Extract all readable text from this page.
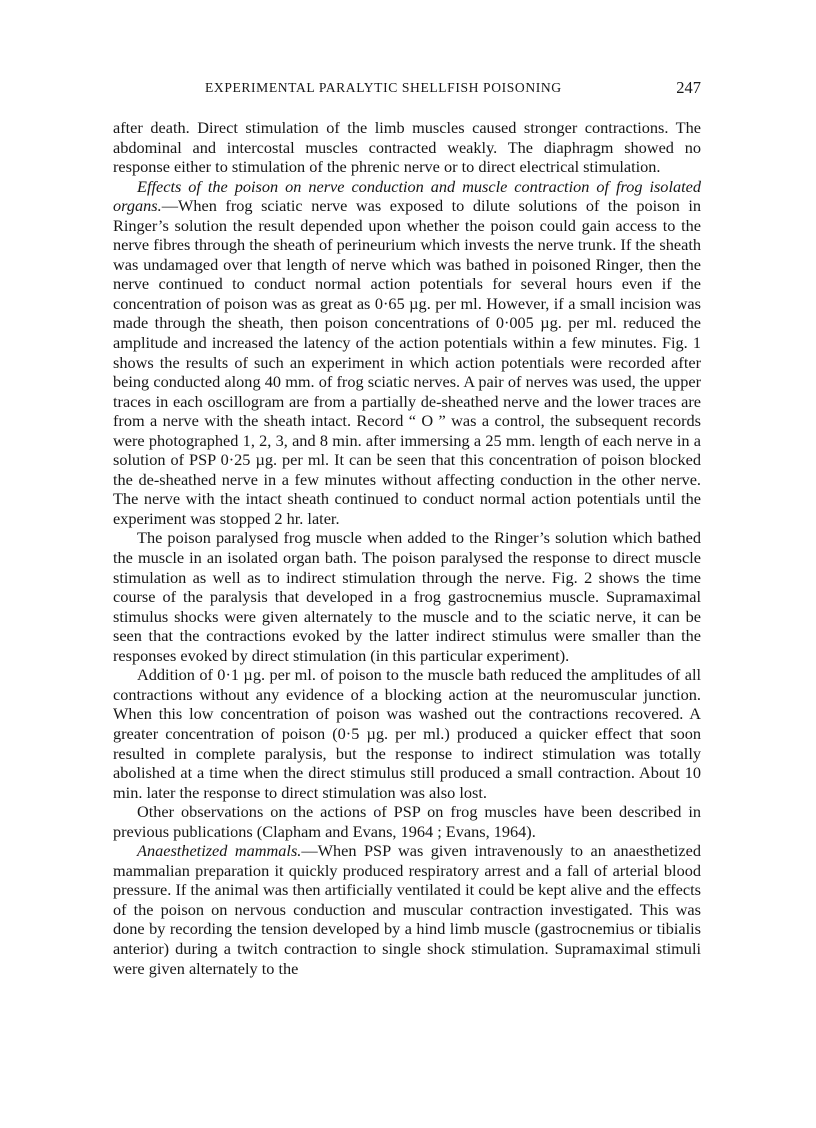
EXPERIMENTAL PARALYTIC SHELLFISH POISONING	247

after death. Direct stimulation of the limb muscles caused stronger contractions. The abdominal and intercostal muscles contracted weakly. The diaphragm showed no response either to stimulation of the phrenic nerve or to direct electrical stimulation.

Effects of the poison on nerve conduction and muscle contraction of frog isolated organs.—When frog sciatic nerve was exposed to dilute solutions of the poison in Ringer’s solution the result depended upon whether the poison could gain access to the nerve fibres through the sheath of perineurium which invests the nerve trunk. If the sheath was undamaged over that length of nerve which was bathed in poisoned Ringer, then the nerve continued to conduct normal action potentials for several hours even if the concentration of poison was as great as 0·65 µg. per ml. However, if a small incision was made through the sheath, then poison concentrations of 0·005 µg. per ml. reduced the amplitude and increased the latency of the action potentials within a few minutes. Fig. 1 shows the results of such an experiment in which action potentials were recorded after being conducted along 40 mm. of frog sciatic nerves. A pair of nerves was used, the upper traces in each oscillogram are from a partially de-sheathed nerve and the lower traces are from a nerve with the sheath intact. Record “ O ” was a control, the subsequent records were photographed 1, 2, 3, and 8 min. after immersing a 25 mm. length of each nerve in a solution of PSP 0·25 µg. per ml. It can be seen that this concentration of poison blocked the de-sheathed nerve in a few minutes without affecting conduction in the other nerve. The nerve with the intact sheath continued to conduct normal action potentials until the experiment was stopped 2 hr. later.

The poison paralysed frog muscle when added to the Ringer’s solution which bathed the muscle in an isolated organ bath. The poison paralysed the response to direct muscle stimulation as well as to indirect stimulation through the nerve. Fig. 2 shows the time course of the paralysis that developed in a frog gastrocnemius muscle. Supramaximal stimulus shocks were given alternately to the muscle and to the sciatic nerve, it can be seen that the contractions evoked by the latter indirect stimulus were smaller than the responses evoked by direct stimulation (in this particular experiment).

Addition of 0·1 µg. per ml. of poison to the muscle bath reduced the amplitudes of all contractions without any evidence of a blocking action at the neuromuscular junction. When this low concentration of poison was washed out the contractions recovered. A greater concentration of poison (0·5 µg. per ml.) produced a quicker effect that soon resulted in complete paralysis, but the response to indirect stimulation was totally abolished at a time when the direct stimulus still produced a small contraction. About 10 min. later the response to direct stimulation was also lost.

Other observations on the actions of PSP on frog muscles have been described in previous publications (Clapham and Evans, 1964 ; Evans, 1964).

Anaesthetized mammals.—When PSP was given intravenously to an anaesthetized mammalian preparation it quickly produced respiratory arrest and a fall of arterial blood pressure. If the animal was then artificially ventilated it could be kept alive and the effects of the poison on nervous conduction and muscular contraction investigated. This was done by recording the tension developed by a hind limb muscle (gastrocnemius or tibialis anterior) during a twitch contraction to single shock stimulation. Supramaximal stimuli were given alternately to the
